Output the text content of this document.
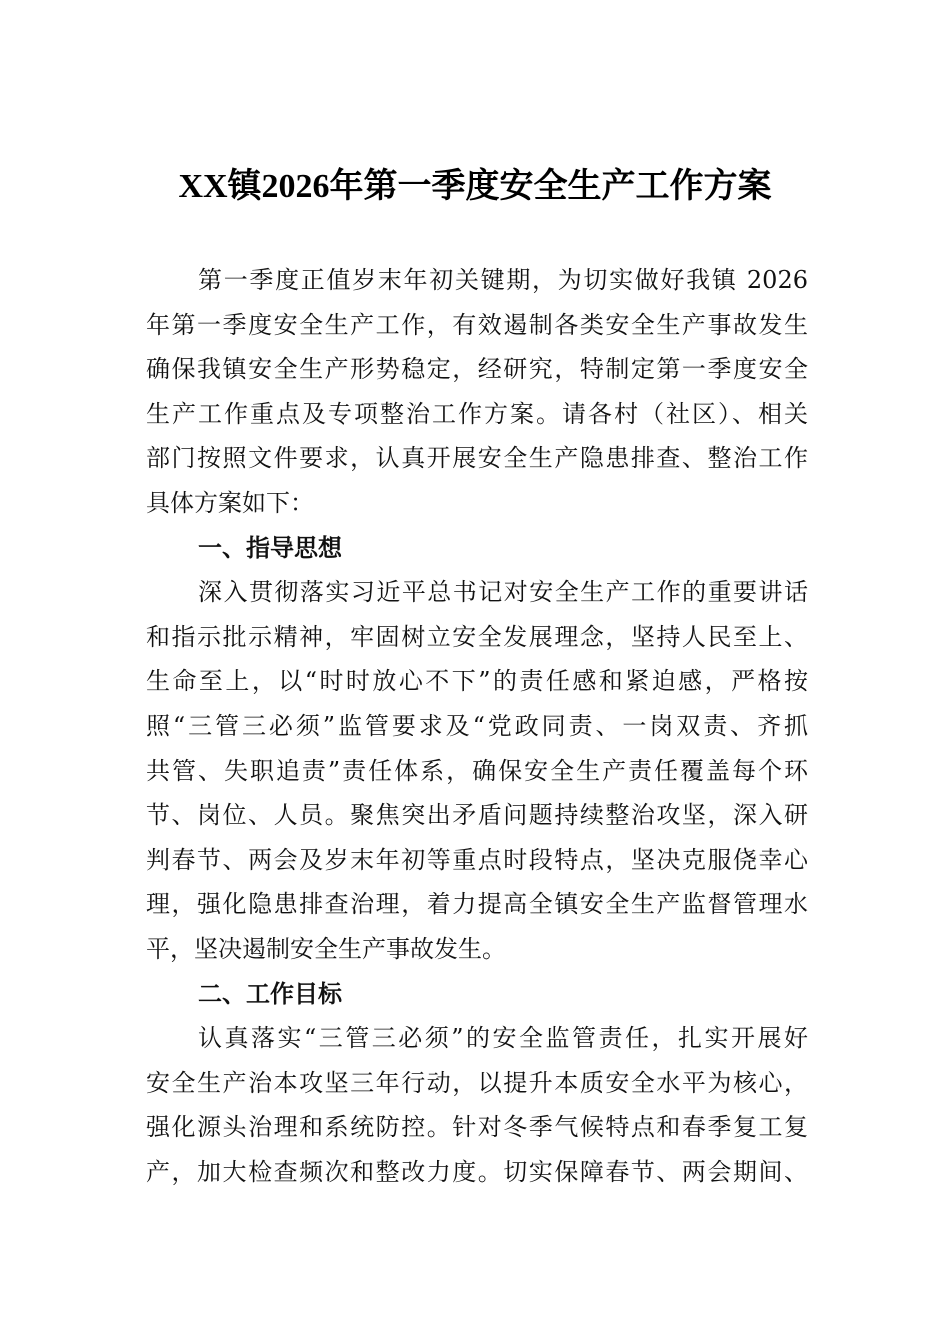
XX镇2026年第一季度安全生产工作方案
第一季度正值岁末年初关键期，为切实做好我镇 2026
年第一季度安全生产工作，有效遏制各类安全生产事故发生
确保我镇安全生产形势稳定，经研究，特制定第一季度安全
生产工作重点及专项整治工作方案。请各村（社区）、相关
部门按照文件要求，认真开展安全生产隐患排查、整治工作
具体方案如下：
一、指导思想
深入贯彻落实习近平总书记对安全生产工作的重要讲话
和指示批示精神，牢固树立安全发展理念，坚持人民至上、
生命至上，以“时时放心不下”的责任感和紧迫感，严格按
照“三管三必须”监管要求及“党政同责、一岗双责、齐抓
共管、失职追责”责任体系，确保安全生产责任覆盖每个环
节、岗位、人员。聚焦突出矛盾问题持续整治攻坚，深入研
判春节、两会及岁末年初等重点时段特点，坚决克服侥幸心
理，强化隐患排查治理，着力提高全镇安全生产监督管理水
平，坚决遏制安全生产事故发生。
二、工作目标
认真落实“三管三必须”的安全监管责任，扎实开展好
安全生产治本攻坚三年行动，以提升本质安全水平为核心，
强化源头治理和系统防控。针对冬季气候特点和春季复工复
产，加大检查频次和整改力度。切实保障春节、两会期间、
